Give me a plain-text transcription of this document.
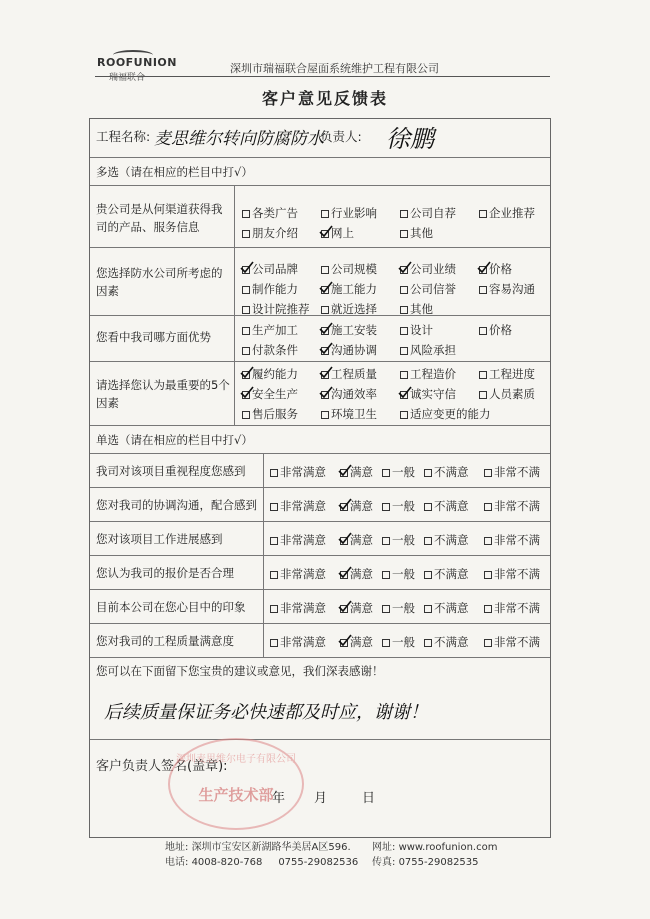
ROOFUNION
瑞福联合
深圳市瑞福联合屋面系统维护工程有限公司
客户意见反馈表
工程名称: 麦思维尔转向防腐防水
负责人: 徐鹏
多选（请在相应的栏目中打√）
贵公司是从何渠道获得我司的产品、服务信息
各类广告	行业影响	公司自荐	企业推荐
朋友介绍	网上	其他
您选择防水公司所考虑的因素
公司品牌	公司规模	公司业绩	价格
制作能力	施工能力	公司信誉	容易沟通
设计院推荐	就近选择	其他
您看中我司哪方面优势	生产加工	施工安装	设计	价格
付款条件	沟通协调	风险承担
请选择您认为最重要的5个因素
履约能力	工程质量	工程造价	工程进度
安全生产	沟通效率	诚实守信	人员素质
售后服务	环境卫生	适应变更的能力
单选（请在相应的栏目中打√）
您可以在下面留下您宝贵的建议或意见，我们深表感谢！
后续质量保证务必快速都及时应，谢谢！
客户负责人签名(盖章):
年 月	日
我司对该项目重视程度您感到	非常满意	满意	一般	不满意	非常不满
您对我司的协调沟通，配合感到	非常满意	满意	一般	不满意	非常不满
您对该项目工作进展感到	非常满意	满意	一般	不满意	非常不满
您认为我司的报价是否合理	非常满意	满意	一般	不满意	非常不满
目前本公司在您心目中的印象	非常满意	满意	一般	不满意	非常不满
您对我司的工程质量满意度	非常满意	满意	一般	不满意	非常不满
深圳麦思维尔电子有限公司
生产技术部
地址: 深圳市宝安区新湖路华美居A区596. 网址: www.roofunion.com
电话: 4008-820-768 0755-29082536 传真: 0755-29082535
